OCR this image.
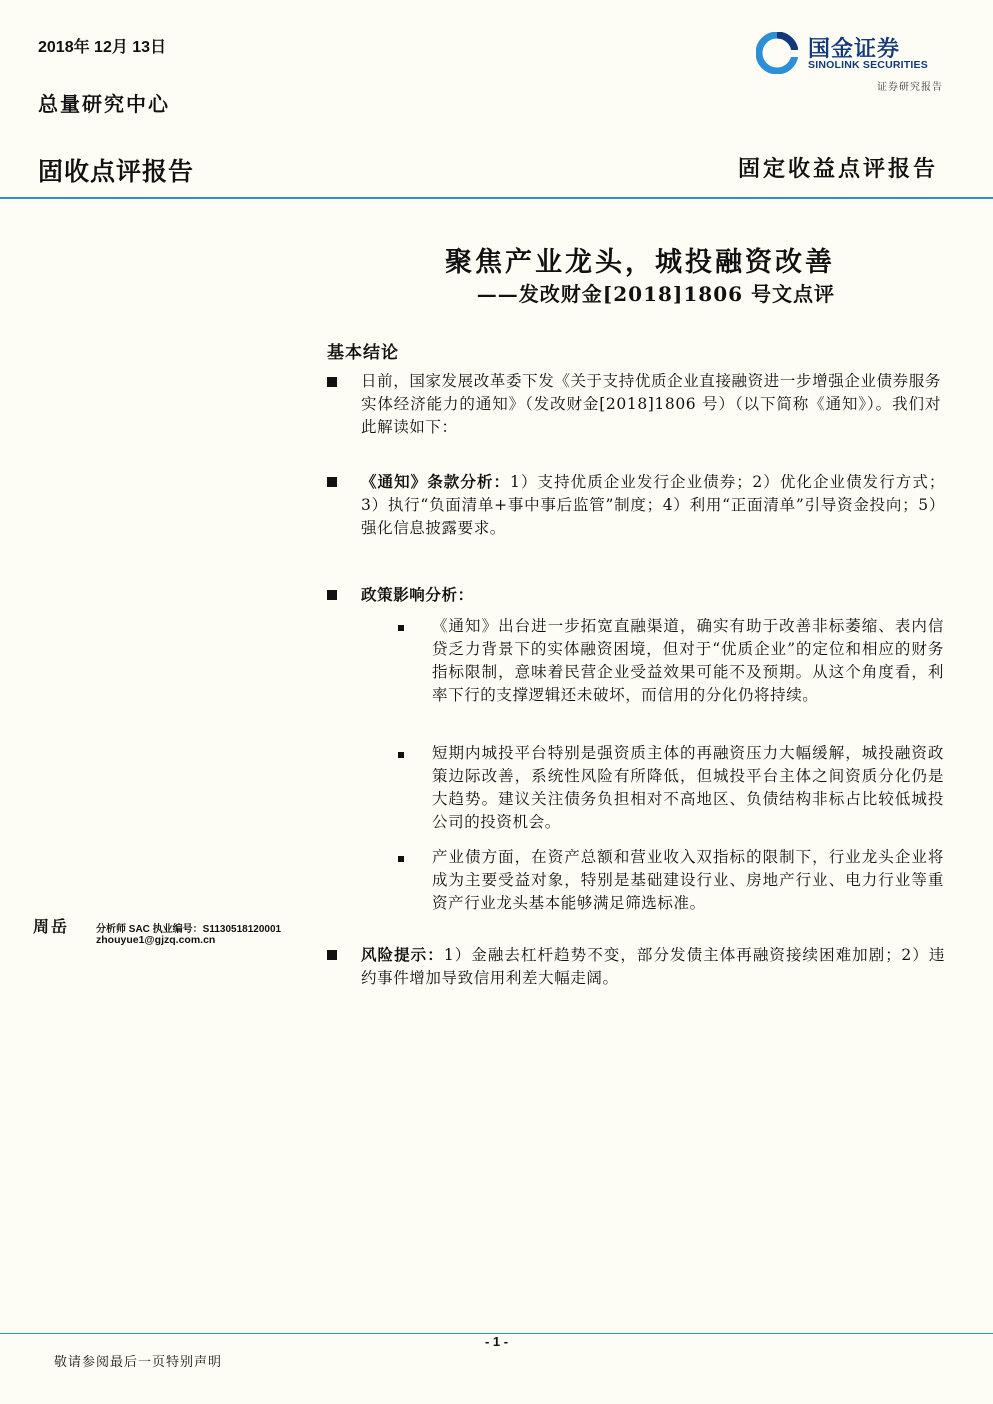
2018年 12月 13日
总量研究中心
国金证券
SINOLINK SECURITIES
证券研究报告
固收点评报告	固定收益点评报告
聚焦产业龙头，城投融资改善
——发改财金[2018]1806 号文点评
基本结论
日前，国家发展改革委下发《关于支持优质企业直接融资进一步增强企业债券服务实体经济能力的通知》（发改财金[2018]1806 号）（以下简称《通知》）。我们对此解读如下：
《通知》条款分析：1）支持优质企业发行企业债券；2）优化企业债发行方式；3）执行“负面清单+事中事后监管”制度；4）利用“正面清单”引导资金投向；5）强化信息披露要求。
政策影响分析：
《通知》出台进一步拓宽直融渠道，确实有助于改善非标萎缩、表内信贷乏力背景下的实体融资困境，但对于“优质企业”的定位和相应的财务指标限制，意味着民营企业受益效果可能不及预期。从这个角度看，利率下行的支撑逻辑还未破坏，而信用的分化仍将持续。
短期内城投平台特别是强资质主体的再融资压力大幅缓解，城投融资政策边际改善，系统性风险有所降低，但城投平台主体之间资质分化仍是大趋势。建议关注债务负担相对不高地区、负债结构非标占比较低城投公司的投资机会。
产业债方面，在资产总额和营业收入双指标的限制下，行业龙头企业将成为主要受益对象，特别是基础建设行业、房地产行业、电力行业等重资产行业龙头基本能够满足筛选标准。
风险提示：1）金融去杠杆趋势不变，部分发债主体再融资接续困难加剧；2）违约事件增加导致信用利差大幅走阔。
周岳	分析师 SAC 执业编号：S1130518120001
zhouyue1@gjzq.com.cn
- 1 -
敬请参阅最后一页特别声明
